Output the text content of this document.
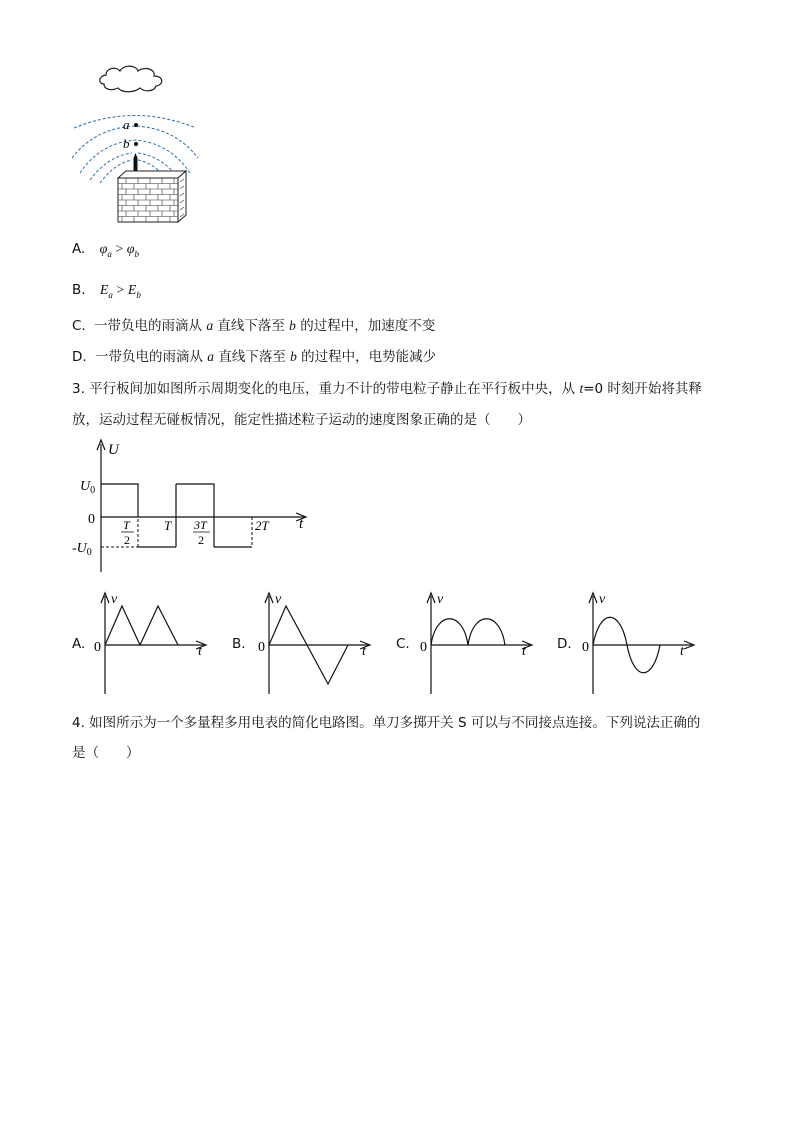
a
b
A. $\varphi_a > \varphi_b$
B. $E_a > E_b$
C. 一带负电的雨滴从 a 直线下落至 b 的过程中，加速度不变
D. 一带负电的雨滴从 a 直线下落至 b 的过程中，电势能减少
3. 平行板间加如图所示周期变化的电压，重力不计的带电粒子静止在平行板中央，从 t=0 时刻开始将其释
放，运动过程无碰板情况，能定性描述粒子运动的速度图象正确的是（　　）
U
t
0
$U_0$
$-U_0$
T
2
T 3T
2
2T
A.
v
0	t B.
v
0	t C.
v
0	t D.
v
0	t
4. 如图所示为一个多量程多用电表的简化电路图。单刀多掷开关 S 可以与不同接点连接。下列说法正确的
是（　　）
